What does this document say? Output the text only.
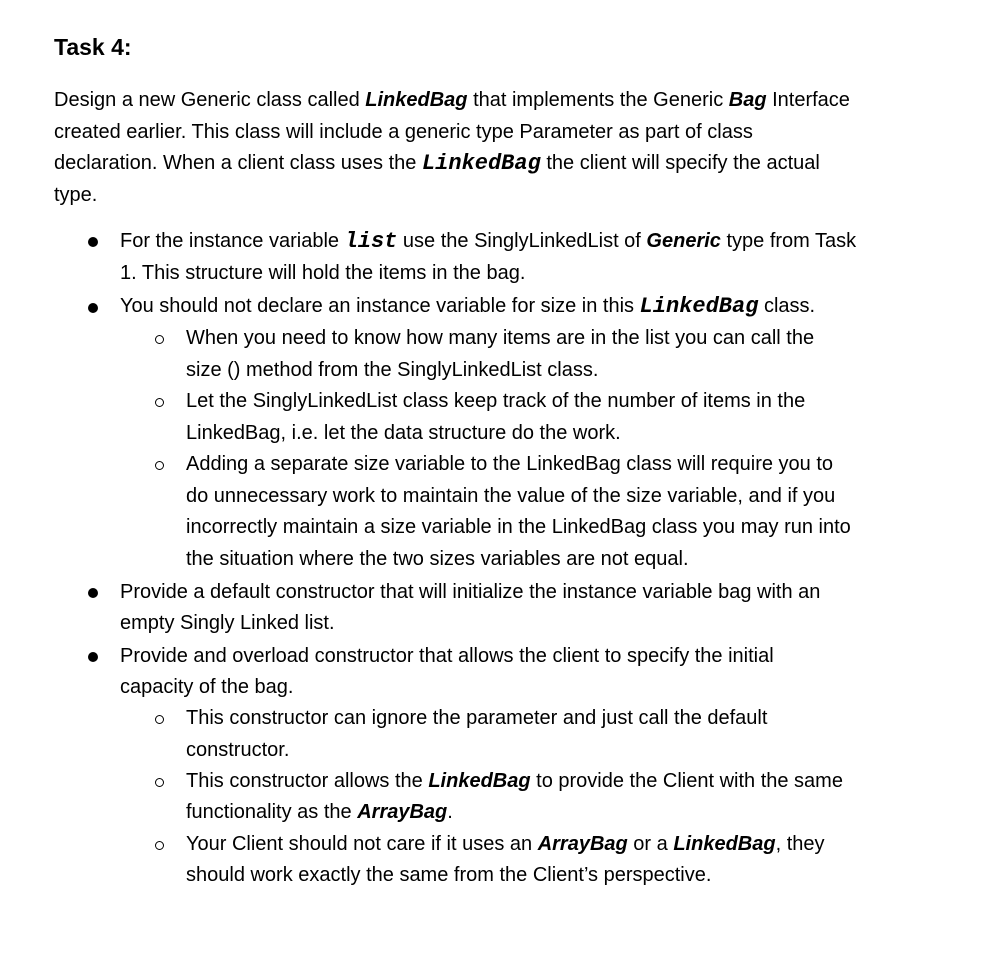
Task 4:
Design a new Generic class called LinkedBag that implements the Generic Bag Interface
created earlier. This class will include a generic type Parameter as part of class
declaration. When a client class uses the LinkedBag the client will specify the actual
type.
For the instance variable list use the SinglyLinkedList of Generic type from Task
1. This structure will hold the items in the bag.
You should not declare an instance variable for size in this LinkedBag class.
When you need to know how many items are in the list you can call the
size () method from the SinglyLinkedList class.
Let the SinglyLinkedList class keep track of the number of items in the
LinkedBag, i.e. let the data structure do the work.
Adding a separate size variable to the LinkedBag class will require you to
do unnecessary work to maintain the value of the size variable, and if you
incorrectly maintain a size variable in the LinkedBag class you may run into
the situation where the two sizes variables are not equal.
Provide a default constructor that will initialize the instance variable bag with an
empty Singly Linked list.
Provide and overload constructor that allows the client to specify the initial
capacity of the bag.
This constructor can ignore the parameter and just call the default
constructor.
This constructor allows the LinkedBag to provide the Client with the same
functionality as the ArrayBag.
Your Client should not care if it uses an ArrayBag or a LinkedBag, they
should work exactly the same from the Client’s perspective.
